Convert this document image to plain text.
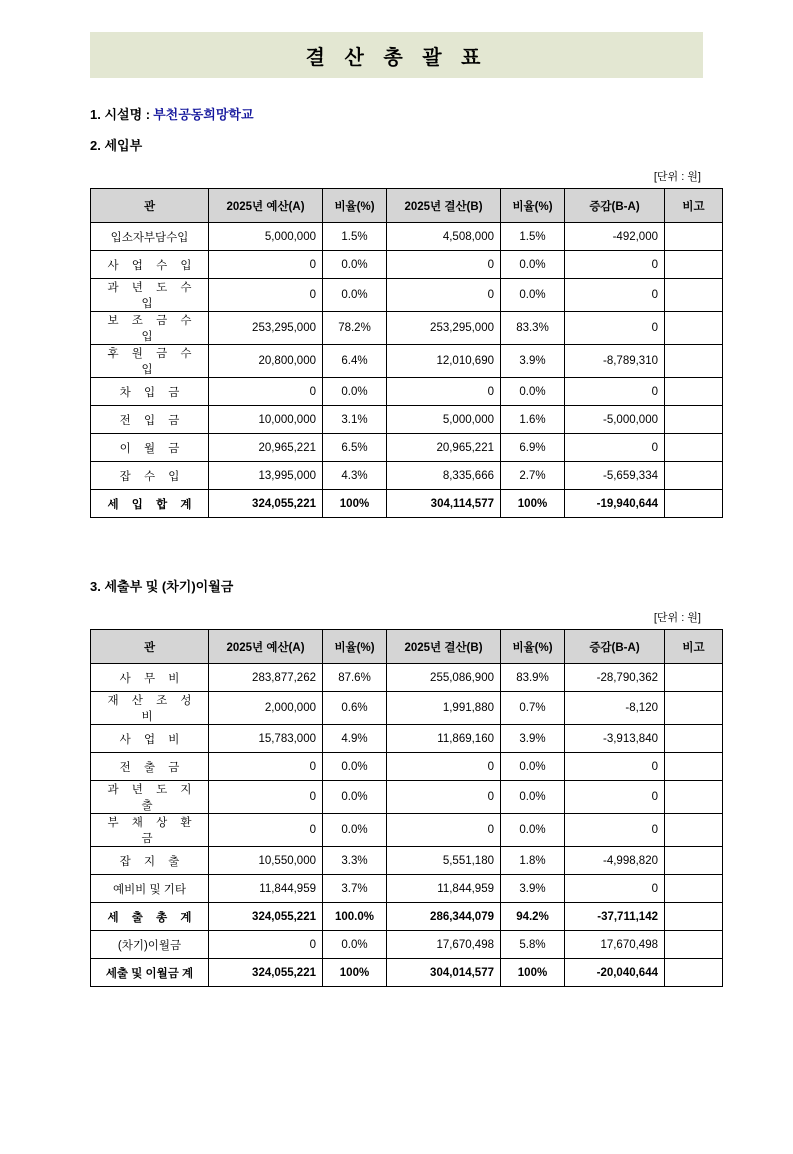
결 산 총 괄 표
1. 시설명 : 부천공동희망학교
2. 세입부
[단위 : 원]
관	2025년 예산(A)	비율(%)	2025년 결산(B)	비율(%)	증감(B-A)	비고
입소자부담수입	5,000,000	1.5%	4,508,000	1.5%	-492,000	
사 업 수 입	0	0.0%	0	0.0%	0	
과 년 도 수 입	0	0.0%	0	0.0%	0	
보 조 금 수 입	253,295,000	78.2%	253,295,000	83.3%	0	
후 원 금 수 입	20,800,000	6.4%	12,010,690	3.9%	-8,789,310	
차 입 금	0	0.0%	0	0.0%	0	
전 입 금	10,000,000	3.1%	5,000,000	1.6%	-5,000,000	
이 월 금	20,965,221	6.5%	20,965,221	6.9%	0	
잡 수 입	13,995,000	4.3%	8,335,666	2.7%	-5,659,334	
세 입 합 계	324,055,221	100%	304,114,577	100%	-19,940,644	
3. 세출부 및 (차기)이월금
[단위 : 원]
관	2025년 예산(A)	비율(%)	2025년 결산(B)	비율(%)	증감(B-A)	비고
사 무 비	283,877,262	87.6%	255,086,900	83.9%	-28,790,362	
재 산 조 성 비	2,000,000	0.6%	1,991,880	0.7%	-8,120	
사 업 비	15,783,000	4.9%	11,869,160	3.9%	-3,913,840	
전 출 금	0	0.0%	0	0.0%	0	
과 년 도 지 출	0	0.0%	0	0.0%	0	
부 채 상 환 금	0	0.0%	0	0.0%	0	
잡 지 출	10,550,000	3.3%	5,551,180	1.8%	-4,998,820	
예비비 및 기타	11,844,959	3.7%	11,844,959	3.9%	0	
세 출 총 계	324,055,221	100.0%	286,344,079	94.2%	-37,711,142	
(차기)이월금	0	0.0%	17,670,498	5.8%	17,670,498	
세출 및 이월금 계	324,055,221	100%	304,014,577	100%	-20,040,644	
